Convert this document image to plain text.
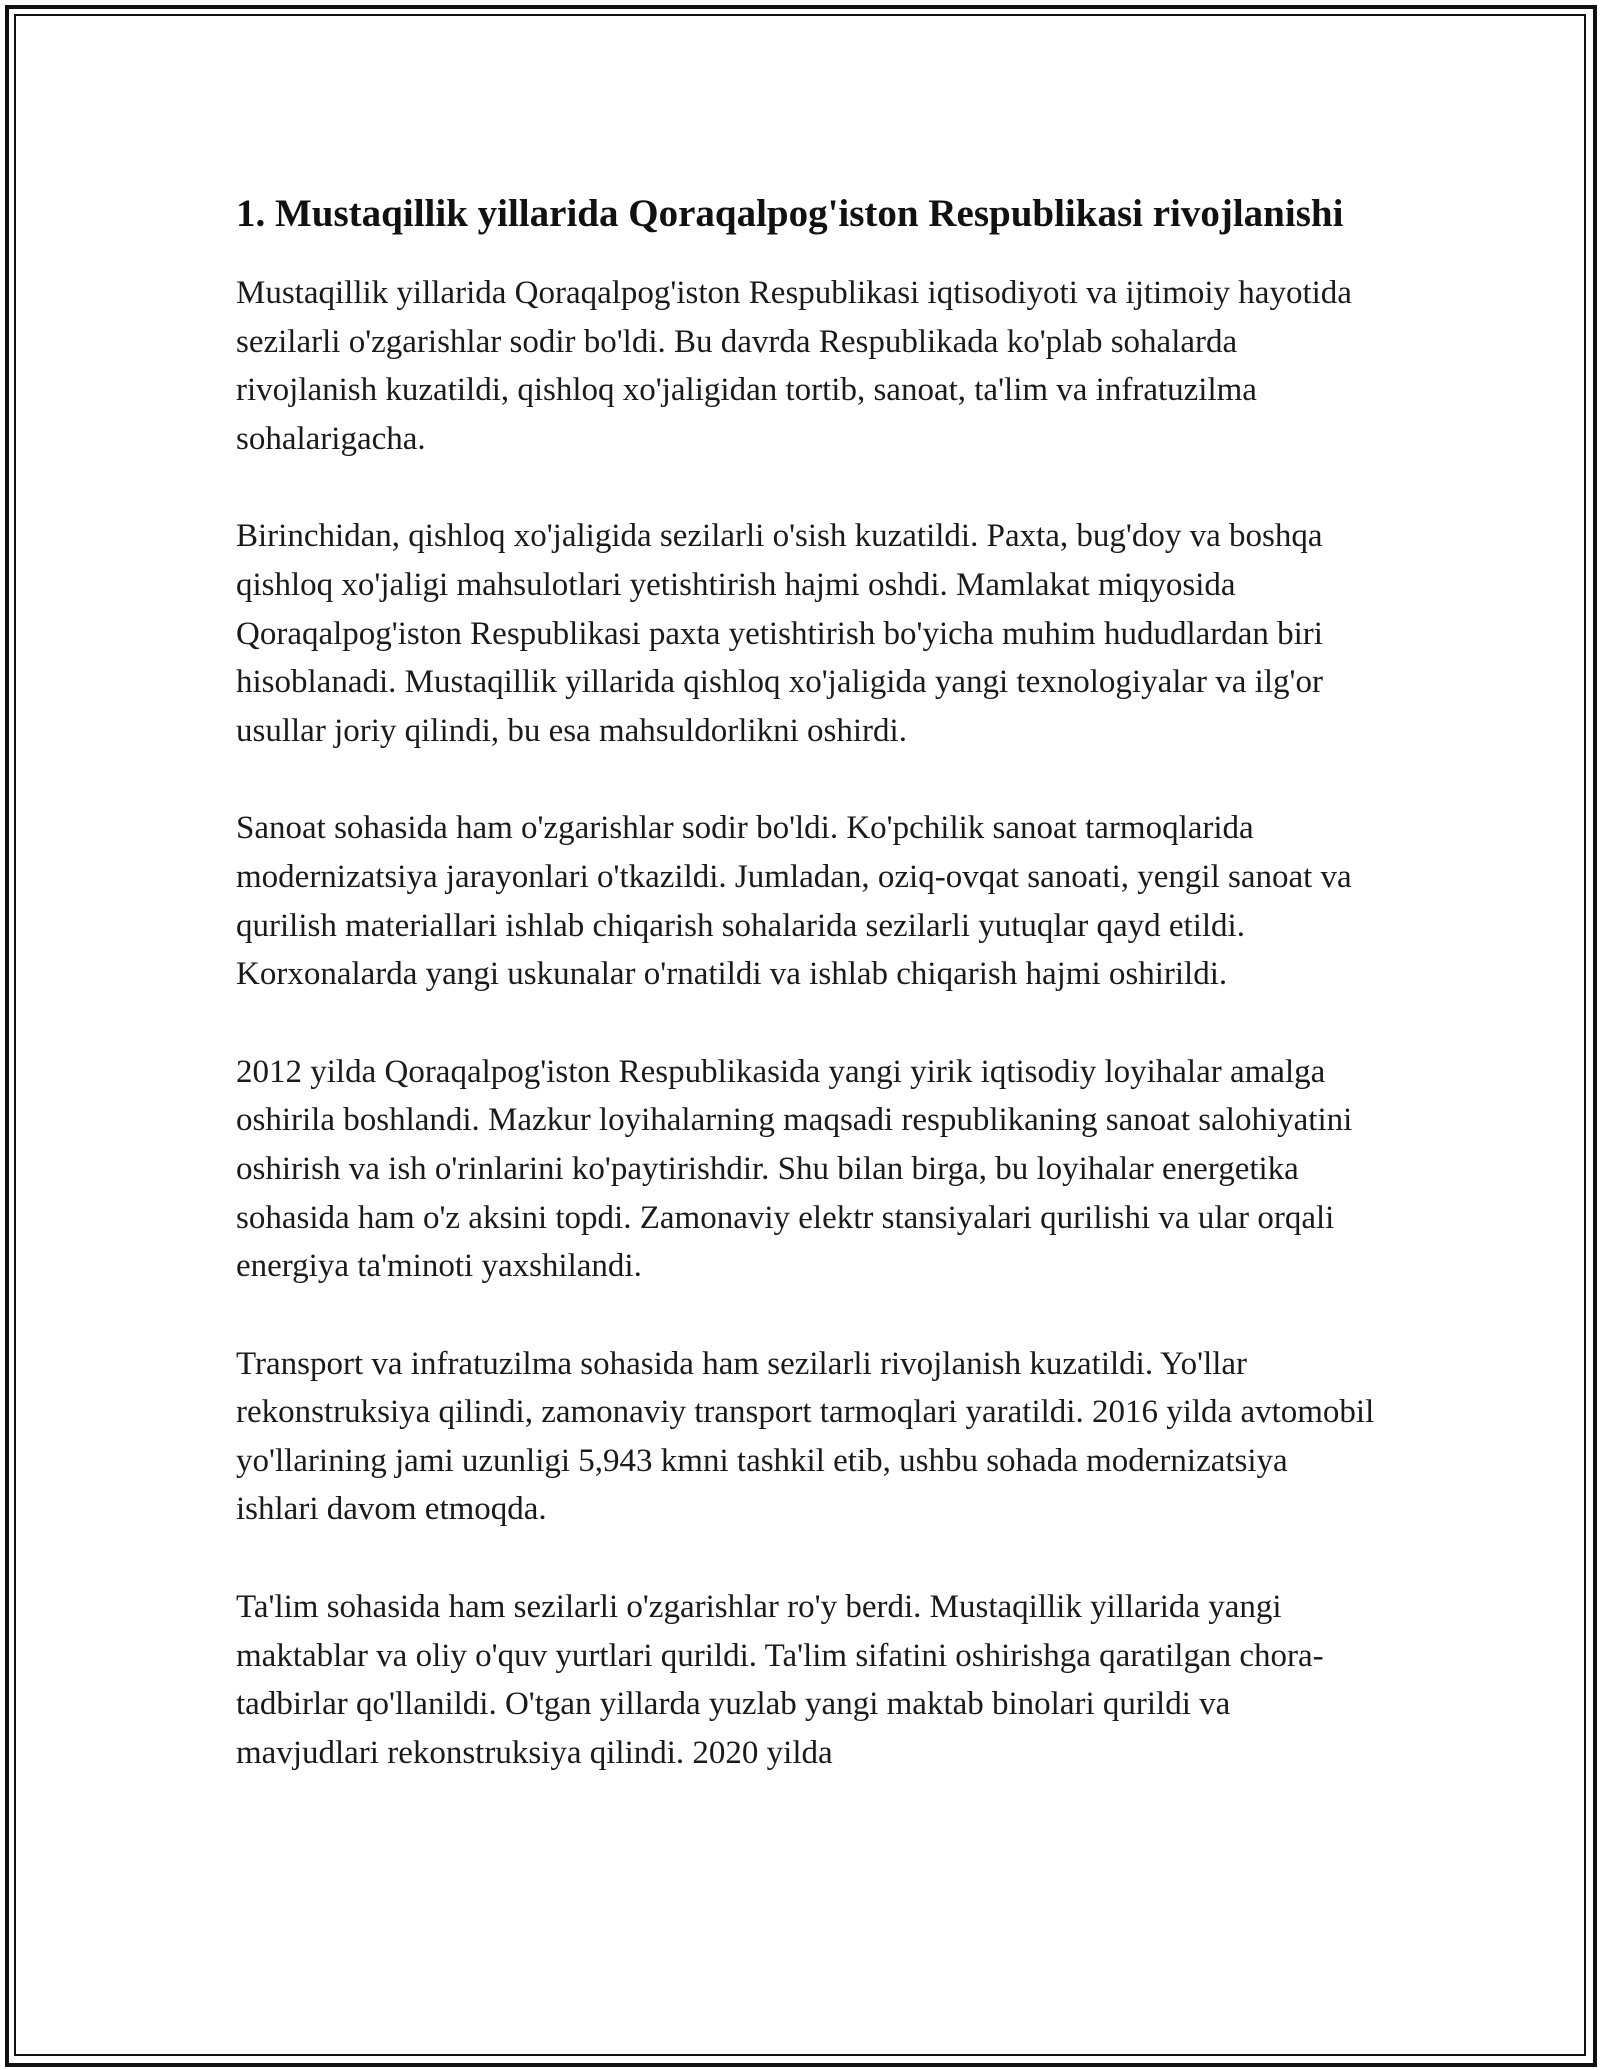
1. Mustaqillik yillarida Qoraqalpog'iston Respublikasi rivojlanishi

Mustaqillik yillarida Qoraqalpog'iston Respublikasi iqtisodiyoti va ijtimoiy hayotida sezilarli o'zgarishlar sodir bo'ldi. Bu davrda Respublikada ko'plab sohalarda rivojlanish kuzatildi, qishloq xo'jaligidan tortib, sanoat, ta'lim va infratuzilma sohalarigacha.

Birinchidan, qishloq xo'jaligida sezilarli o'sish kuzatildi. Paxta, bug'doy va boshqa qishloq xo'jaligi mahsulotlari yetishtirish hajmi oshdi. Mamlakat miqyosida Qoraqalpog'iston Respublikasi paxta yetishtirish bo'yicha muhim hududlardan biri hisoblanadi. Mustaqillik yillarida qishloq xo'jaligida yangi texnologiyalar va ilg'or usullar joriy qilindi, bu esa mahsuldorlikni oshirdi.

Sanoat sohasida ham o'zgarishlar sodir bo'ldi. Ko'pchilik sanoat tarmoqlarida modernizatsiya jarayonlari o'tkazildi. Jumladan, oziq-ovqat sanoati, yengil sanoat va qurilish materiallari ishlab chiqarish sohalarida sezilarli yutuqlar qayd etildi. Korxonalarda yangi uskunalar o'rnatildi va ishlab chiqarish hajmi oshirildi.

2012 yilda Qoraqalpog'iston Respublikasida yangi yirik iqtisodiy loyihalar amalga oshirila boshlandi. Mazkur loyihalarning maqsadi respublikaning sanoat salohiyatini oshirish va ish o'rinlarini ko'paytirishdir. Shu bilan birga, bu loyihalar energetika sohasida ham o'z aksini topdi. Zamonaviy elektr stansiyalari qurilishi va ular orqali energiya ta'minoti yaxshilandi.

Transport va infratuzilma sohasida ham sezilarli rivojlanish kuzatildi. Yo'llar rekonstruksiya qilindi, zamonaviy transport tarmoqlari yaratildi. 2016 yilda avtomobil yo'llarining jami uzunligi 5,943 kmni tashkil etib, ushbu sohada modernizatsiya ishlari davom etmoqda.

Ta'lim sohasida ham sezilarli o'zgarishlar ro'y berdi. Mustaqillik yillarida yangi maktablar va oliy o'quv yurtlari qurildi. Ta'lim sifatini oshirishga qaratilgan chora-tadbirlar qo'llanildi. O'tgan yillarda yuzlab yangi maktab binolari qurildi va mavjudlari rekonstruksiya qilindi. 2020 yilda
